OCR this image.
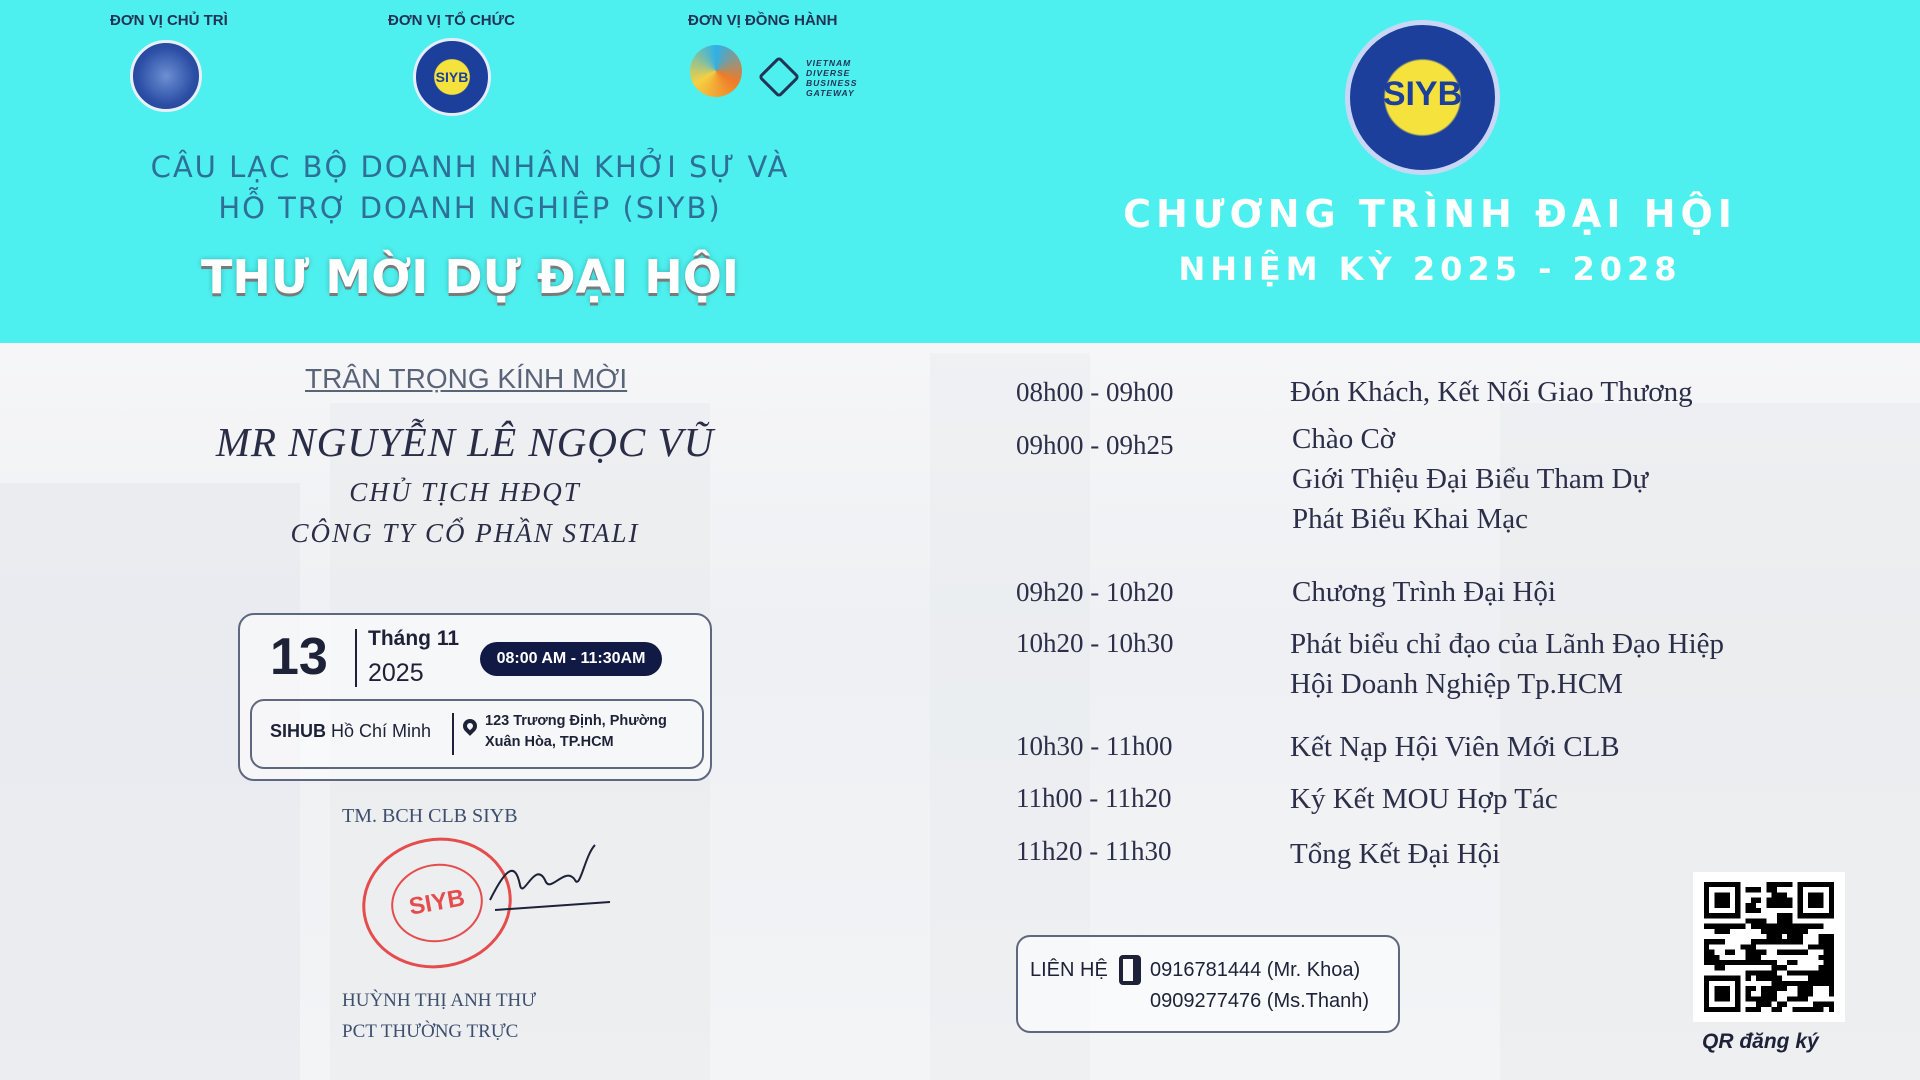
ĐƠN VỊ CHỦ TRÌ	ĐƠN VỊ TỔ CHỨC
SIYB
ĐƠN VỊ ĐỒNG HÀNH
VIETNAM
DIVERSE
BUSINESS
GATEWAY
CÂU LẠC BỘ DOANH NHÂN KHỞI SỰ VÀ
HỖ TRỢ DOANH NGHIỆP (SIYB)
THƯ MỜI DỰ ĐẠI HỘI
SIYB
CHƯƠNG TRÌNH ĐẠI HỘI
NHIỆM KỲ 2025 - 2028
TRÂN TRỌNG KÍNH MỜI
MR NGUYỄN LÊ NGỌC VŨ
CHỦ TỊCH HĐQT
CÔNG TY CỔ PHẦN STALI
13 Tháng 11
2025
08:00 AM - 11:30AM
SIHUB Hồ Chí Minh	123 Trương Định, Phường
Xuân Hòa, TP.HCM
TM. BCH CLB SIYB
SIYB
HUỲNH THỊ ANH THƯ
PCT THƯỜNG TRỰC
08h00 - 09h00	Đón Khách, Kết Nối Giao Thương
09h00 - 09h25	Chào Cờ
Giới Thiệu Đại Biểu Tham Dự
Phát Biểu Khai Mạc
09h20 - 10h20	Chương Trình Đại Hội
10h20 - 10h30	Phát biểu chỉ đạo của Lãnh Đạo Hiệp
Hội Doanh Nghiệp Tp.HCM
10h30 - 11h00	Kết Nạp Hội Viên Mới CLB
11h00 - 11h20	Ký Kết MOU Hợp Tác
11h20 - 11h30	Tổng Kết Đại Hội
LIÊN HỆ 0916781444 (Mr. Khoa)
0909277476 (Ms.Thanh)
QR đăng ký
